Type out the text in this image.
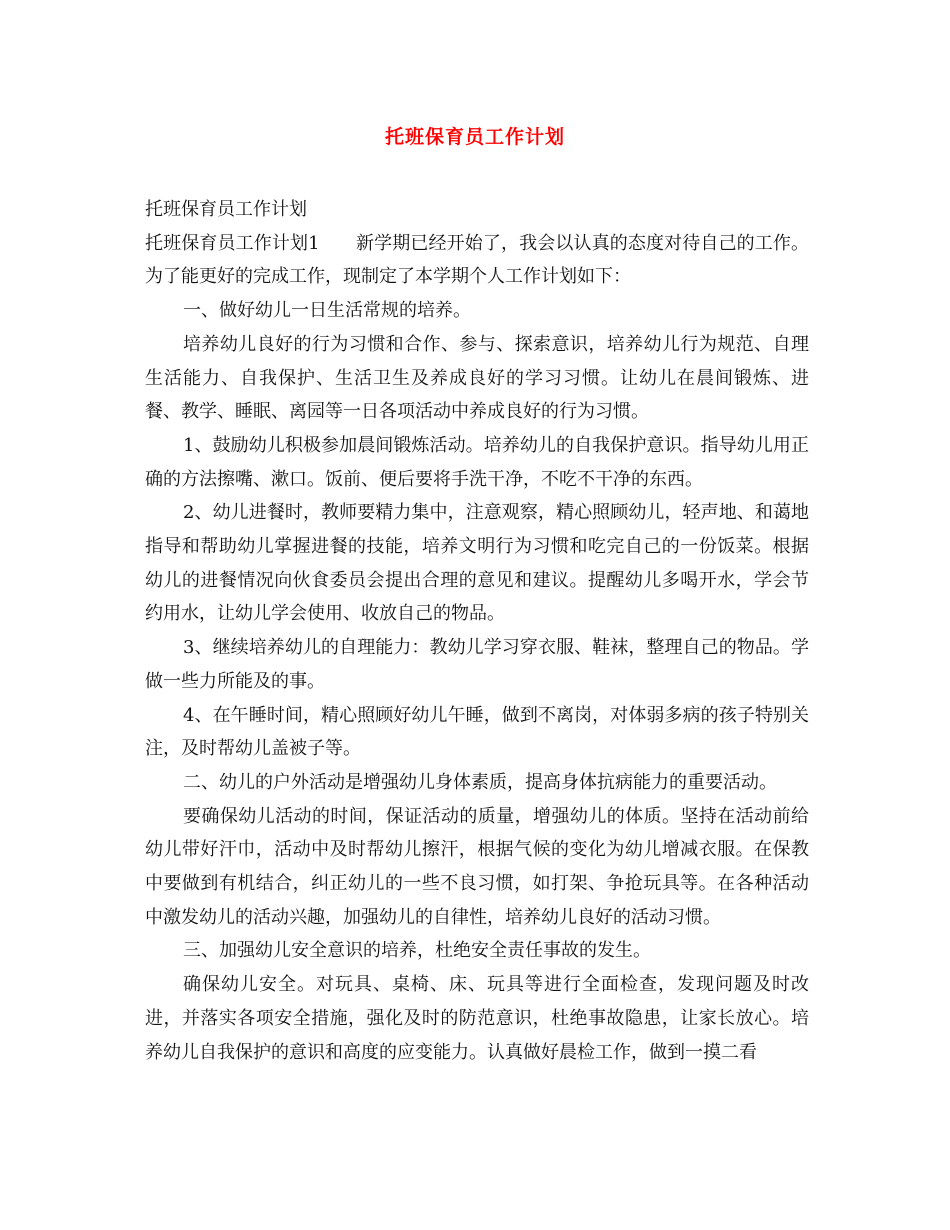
托班保育员工作计划

托班保育员工作计划

托班保育员工作计划1　　新学期已经开始了，我会以认真的态度对待自己的工作。为了能更好的完成工作，现制定了本学期个人工作计划如下：

一、做好幼儿一日生活常规的培养。

培养幼儿良好的行为习惯和合作、参与、探索意识，培养幼儿行为规范、自理生活能力、自我保护、生活卫生及养成良好的学习习惯。让幼儿在晨间锻炼、进餐、教学、睡眠、离园等一日各项活动中养成良好的行为习惯。

1、鼓励幼儿积极参加晨间锻炼活动。培养幼儿的自我保护意识。指导幼儿用正确的方法擦嘴、漱口。饭前、便后要将手洗干净，不吃不干净的东西。

2、幼儿进餐时，教师要精力集中，注意观察，精心照顾幼儿，轻声地、和蔼地指导和帮助幼儿掌握进餐的技能，培养文明行为习惯和吃完自己的一份饭菜。根据幼儿的进餐情况向伙食委员会提出合理的意见和建议。提醒幼儿多喝开水，学会节约用水，让幼儿学会使用、收放自己的物品。

3、继续培养幼儿的自理能力：教幼儿学习穿衣服、鞋袜，整理自己的物品。学做一些力所能及的事。

4、在午睡时间，精心照顾好幼儿午睡，做到不离岗，对体弱多病的孩子特别关注，及时帮幼儿盖被子等。

二、幼儿的户外活动是增强幼儿身体素质，提高身体抗病能力的重要活动。

要确保幼儿活动的时间，保证活动的质量，增强幼儿的体质。坚持在活动前给幼儿带好汗巾，活动中及时帮幼儿擦汗，根据气候的变化为幼儿增减衣服。在保教中要做到有机结合，纠正幼儿的一些不良习惯，如打架、争抢玩具等。在各种活动中激发幼儿的活动兴趣，加强幼儿的自律性，培养幼儿良好的活动习惯。

三、加强幼儿安全意识的培养，杜绝安全责任事故的发生。

确保幼儿安全。对玩具、桌椅、床、玩具等进行全面检查，发现问题及时改进，并落实各项安全措施，强化及时的防范意识，杜绝事故隐患，让家长放心。培养幼儿自我保护的意识和高度的应变能力。认真做好晨检工作，做到一摸二看
